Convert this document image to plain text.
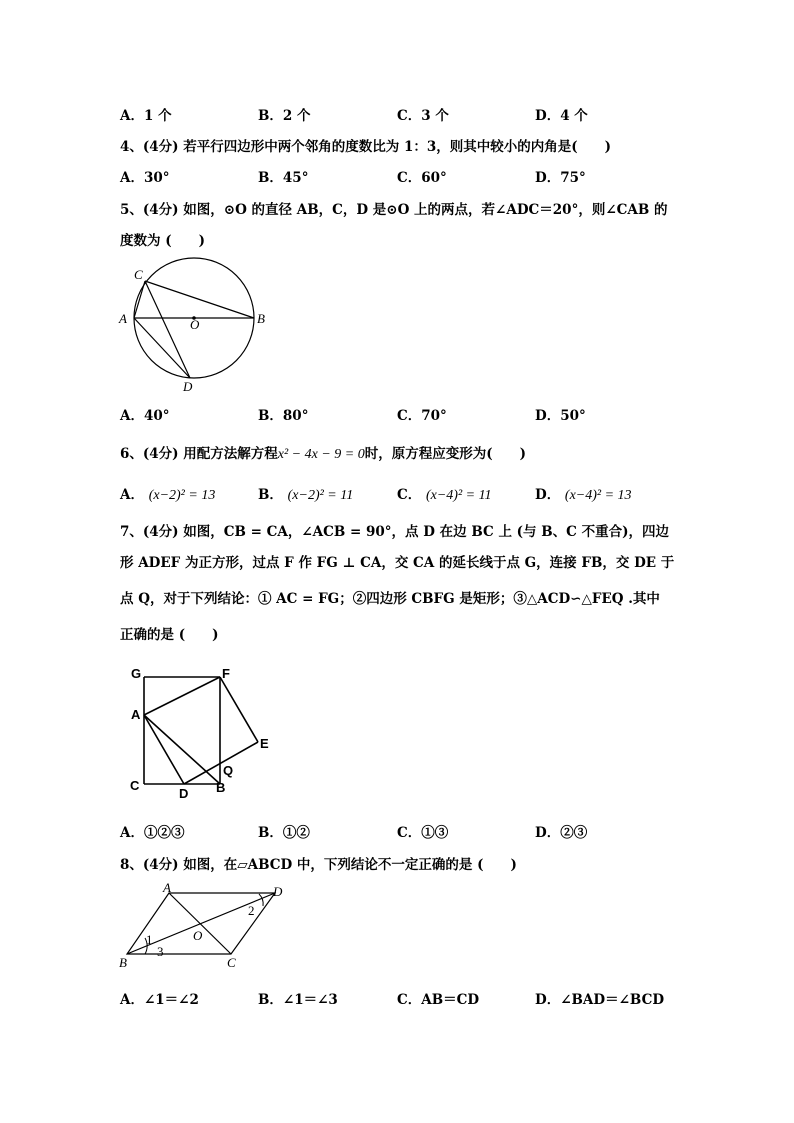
A．1 个	B．2 个	C．3 个	D．4 个
4、(4分) 若平行四边形中两个邻角的度数比为 1：3，则其中较小的内角是(　　)
A．30°	B．45°	C．60°	D．75°
5、(4分) 如图，⊙O 的直径 AB，C，D 是⊙O 上的两点，若∠ADC＝20°，则∠CAB 的
度数为 (　　)
C
A	B
O
D
A．40°	B．80°	C．70°	D．50°
6、(4分) 用配方法解方程x² − 4x − 9 = 0时，原方程应变形为(　　)
A． (x−2)² = 13	B． (x−2)² = 11	C． (x−4)² = 11	D． (x−4)² = 13
7、(4分) 如图，CB = CA，∠ACB = 90°，点 D 在边 BC 上 (与 B、C 不重合)，四边
形 ADEF 为正方形，过点 F 作 FG ⊥ CA，交 CA 的延长线于点 G，连接 FB，交 DE 于
点 Q，对于下列结论：① AC = FG；②四边形 CBFG 是矩形；③△ACD∽△FEQ .其中
正确的是 (　　)
G	F
A
E
Q
C
D B
A．①②③	B．①②	C．①③	D．②③
8、(4分) 如图，在▱ABCD 中，下列结论不一定正确的是 (　　)
A	D
B	C
O
1
2
3
A．∠1＝∠2	B．∠1＝∠3	C．AB＝CD	D．∠BAD＝∠BCD
